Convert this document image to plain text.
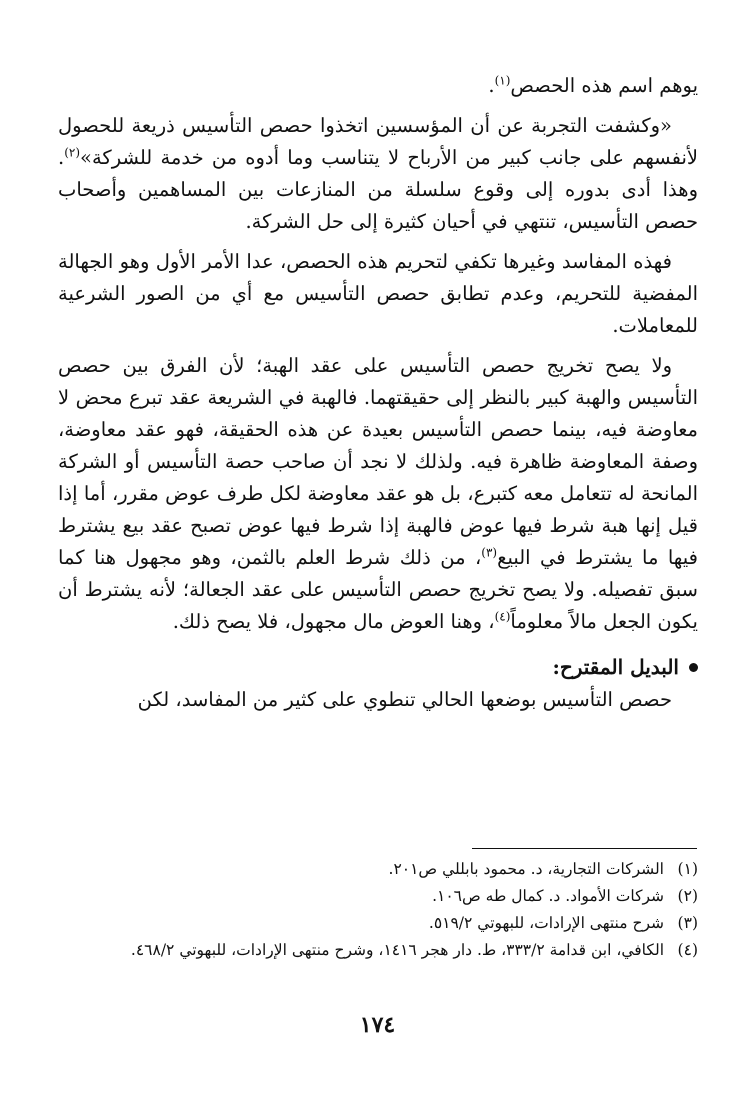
يوهم اسم هذه الحصص$^{(١)}$.

«وكشفت التجربة عن أن المؤسسين اتخذوا حصص التأسيس ذريعة للحصول لأنفسهم على جانب كبير من الأرباح لا يتناسب وما أدوه من خدمة للشركة»$^{(٢)}$. وهذا أدى بدوره إلى وقوع سلسلة من المنازعات بين المساهمين وأصحاب حصص التأسيس، تنتهي في أحيان كثيرة إلى حل الشركة.

فهذه المفاسد وغيرها تكفي لتحريم هذه الحصص، عدا الأمر الأول وهو الجهالة المفضية للتحريم، وعدم تطابق حصص التأسيس مع أي من الصور الشرعية للمعاملات.

ولا يصح تخريج حصص التأسيس على عقد الهبة؛ لأن الفرق بين حصص التأسيس والهبة كبير بالنظر إلى حقيقتهما. فالهبة في الشريعة عقد تبرع محض لا معاوضة فيه، بينما حصص التأسيس بعيدة عن هذه الحقيقة، فهو عقد معاوضة، وصفة المعاوضة ظاهرة فيه. ولذلك لا نجد أن صاحب حصة التأسيس أو الشركة المانحة له تتعامل معه كتبرع، بل هو عقد معاوضة لكل طرف عوض مقرر، أما إذا قيل إنها هبة شرط فيها عوض فالهبة إذا شرط فيها عوض تصبح عقد بيع يشترط فيها ما يشترط في البيع$^{(٣)}$، من ذلك شرط العلم بالثمن، وهو مجهول هنا كما سبق تفصيله. ولا يصح تخريج حصص التأسيس على عقد الجعالة؛ لأنه يشترط أن يكون الجعل مالاً معلوماً$^{(٤)}$، وهنا العوض مال مجهول، فلا يصح ذلك.

البديل المقترح:

حصص التأسيس بوضعها الحالي تنطوي على كثير من المفاسد، لكن

(١)
الشركات التجارية، د. محمود بابللي ص٢٠١.
(٢)
شركات الأمواد. د. كمال طه ص١٠٦.
(٣)
شرح منتهى الإرادات، للبهوتي ٥١٩/٢.
(٤)
الكافي، ابن قدامة ٣٣٣/٢، ط. دار هجر ١٤١٦، وشرح منتهى الإرادات، للبهوتي ٤٦٨/٢.
١٧٤
